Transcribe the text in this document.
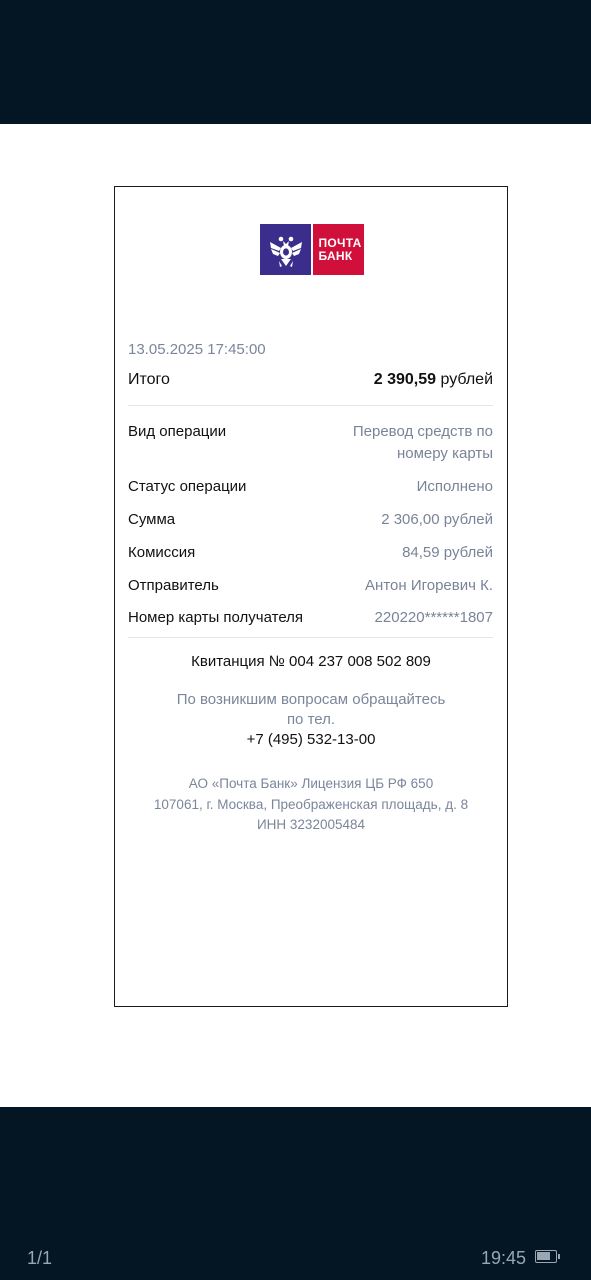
ПОЧТА
БАНК
13.05.2025 17:45:00
Итого	2 390,59 рублей
Вид операции	Перевод средств по
номеру карты
Статус операции	Исполнено
Сумма	2 306,00 рублей
Комиссия	84,59 рублей
Отправитель	Антон Игоревич К.
Номер карты получателя	220220******1807
Квитанция № 004 237 008 502 809
По возникшим вопросам обращайтесь
по тел.
+7 (495) 532-13-00
АО «Почта Банк» Лицензия ЦБ РФ 650
107061, г. Москва, Преображенская площадь, д. 8
ИНН 3232005484
1/1	19:45
